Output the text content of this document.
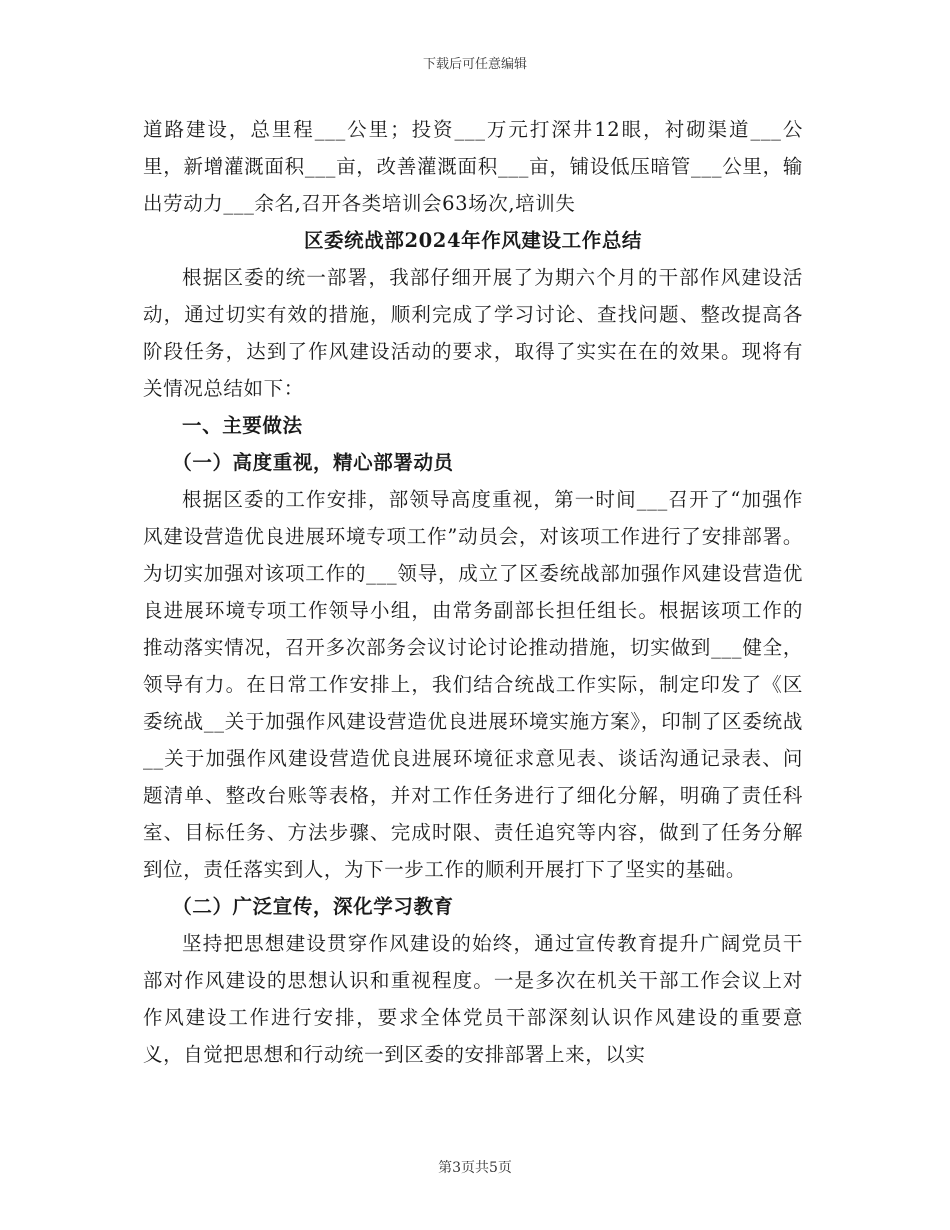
下载后可任意编辑

道路建设，总里程___公里；投资___万元打深井12眼，衬砌渠道___公里，新增灌溉面积___亩，改善灌溉面积___亩，铺设低压暗管___公里，输出劳动力___余名,召开各类培训会63场次,培训失

区委统战部2024年作风建设工作总结

根据区委的统一部署，我部仔细开展了为期六个月的干部作风建设活动，通过切实有效的措施，顺利完成了学习讨论、查找问题、整改提高各阶段任务，达到了作风建设活动的要求，取得了实实在在的效果。现将有关情况总结如下：

一、主要做法

（一）高度重视，精心部署动员

根据区委的工作安排，部领导高度重视，第一时间___召开了“加强作风建设营造优良进展环境专项工作”动员会，对该项工作进行了安排部署。为切实加强对该项工作的___领导，成立了区委统战部加强作风建设营造优良进展环境专项工作领导小组，由常务副部长担任组长。根据该项工作的推动落实情况，召开多次部务会议讨论讨论推动措施，切实做到___健全，领导有力。在日常工作安排上，我们结合统战工作实际，制定印发了《区委统战__关于加强作风建设营造优良进展环境实施方案》，印制了区委统战__关于加强作风建设营造优良进展环境征求意见表、谈话沟通记录表、问题清单、整改台账等表格，并对工作任务进行了细化分解，明确了责任科室、目标任务、方法步骤、完成时限、责任追究等内容，做到了任务分解到位，责任落实到人，为下一步工作的顺利开展打下了坚实的基础。

（二）广泛宣传，深化学习教育

坚持把思想建设贯穿作风建设的始终，通过宣传教育提升广阔党员干部对作风建设的思想认识和重视程度。一是多次在机关干部工作会议上对作风建设工作进行安排，要求全体党员干部深刻认识作风建设的重要意义，自觉把思想和行动统一到区委的安排部署上来，以实

第3页共5页
